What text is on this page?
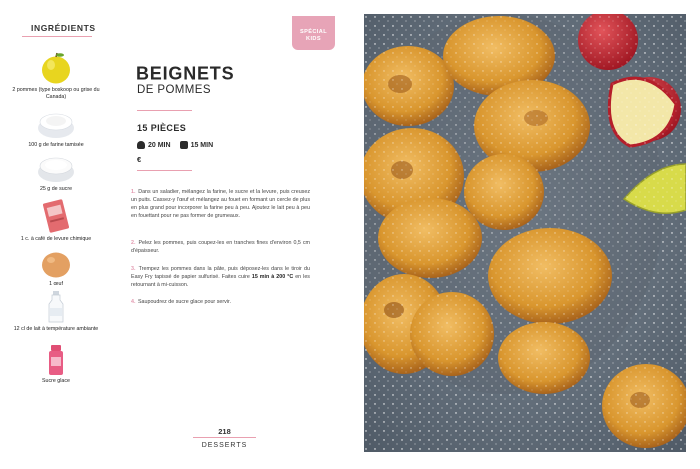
INGRÉDIENTS
2 pommes (type boskoop ou grise du Canada)
100 g de farine tamisée
25 g de sucre
1 c. à café de levure chimique
1 œuf
12 cl de lait à température ambiante
Sucre glace
SPÉCIAL
KIDS
BEIGNETS
DE POMMES
15 PIÈCES
20 MIN	15 MIN
€
1. Dans un saladier, mélangez la farine, le sucre et la levure, puis creusez un puits. Cassez-y l'œuf et mélangez au fouet en formant un cercle de plus en plus grand pour incorporer la farine peu à peu. Ajoutez le lait peu à peu en fouettant pour ne pas former de grumeaux.
2. Pelez les pommes, puis coupez-les en tranches fines d'environ 0,5 cm d'épaisseur.
3. Trempez les pommes dans la pâte, puis déposez-les dans le tiroir du Easy Fry tapissé de papier sulfurisé. Faites cuire 15 min à 200 °C en les retournant à mi-cuisson.
4. Saupoudrez de sucre glace pour servir.
218
DESSERTS
